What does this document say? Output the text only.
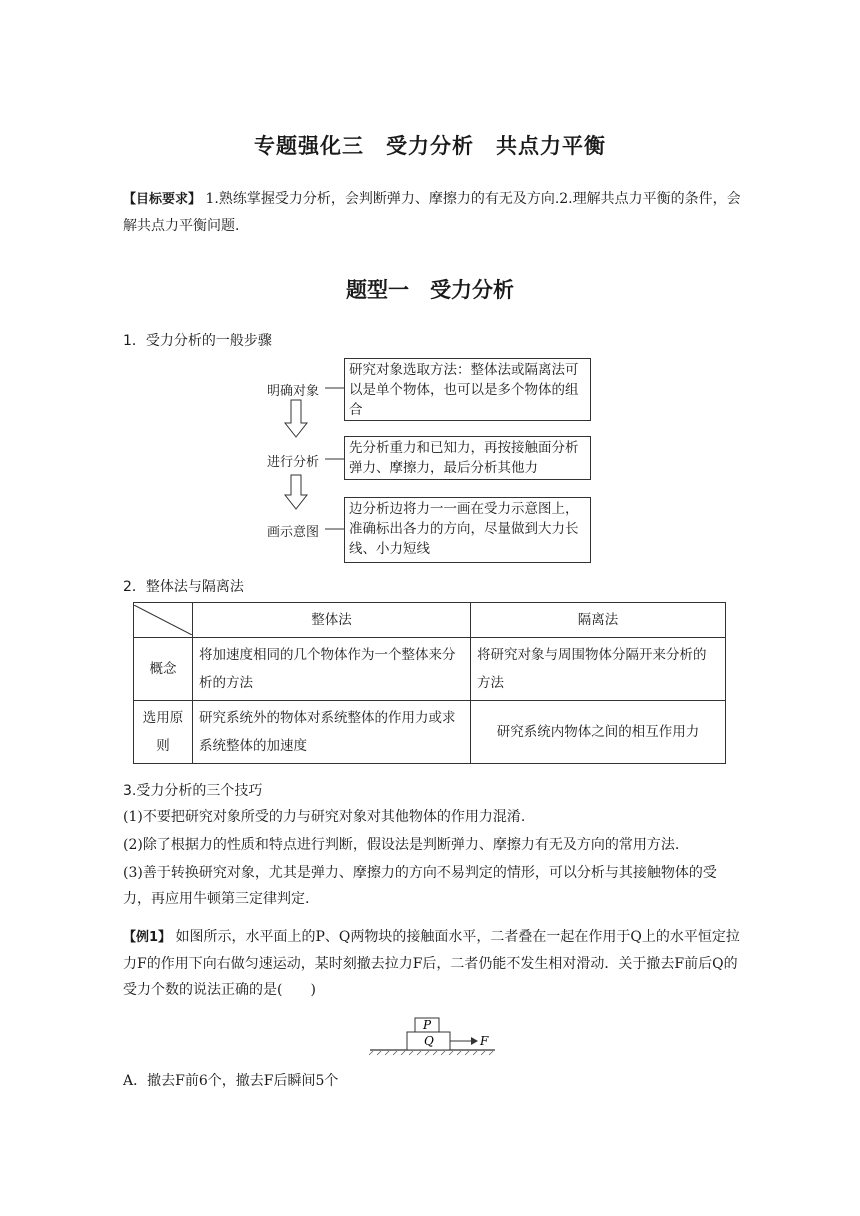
专题强化三　受力分析　共点力平衡
【目标要求】 1.熟练掌握受力分析，会判断弹力、摩擦力的有无及方向.2.理解共点力平衡的条件，会解共点力平衡问题.
题型一　受力分析
1．受力分析的一般步骤
明确对象
进行分析
画示意图
研究对象选取方法：整体法或隔离法可以是单个物体，也可以是多个物体的组合
先分析重力和已知力，再按接触面分析弹力、摩擦力，最后分析其他力
边分析边将力一一画在受力示意图上，准确标出各力的方向，尽量做到大力长线、小力短线
2．整体法与隔离法
	整体法	隔离法
概念	将加速度相同的几个物体作为一个整体来分析的方法	将研究对象与周围物体分隔开来分析的方法
选用原则	研究系统外的物体对系统整体的作用力或求系统整体的加速度	研究系统内物体之间的相互作用力
3.受力分析的三个技巧
(1)不要把研究对象所受的力与研究对象对其他物体的作用力混淆.
(2)除了根据力的性质和特点进行判断，假设法是判断弹力、摩擦力有无及方向的常用方法.
(3)善于转换研究对象，尤其是弹力、摩擦力的方向不易判定的情形，可以分析与其接触物体的受力，再应用牛顿第三定律判定.
【例1】 如图所示，水平面上的P、Q两物块的接触面水平，二者叠在一起在作用于Q上的水平恒定拉力F的作用下向右做匀速运动，某时刻撤去拉力F后，二者仍能不发生相对滑动．关于撤去F前后Q的受力个数的说法正确的是(　　)
P
Q	F
A．撤去F前6个，撤去F后瞬间5个
